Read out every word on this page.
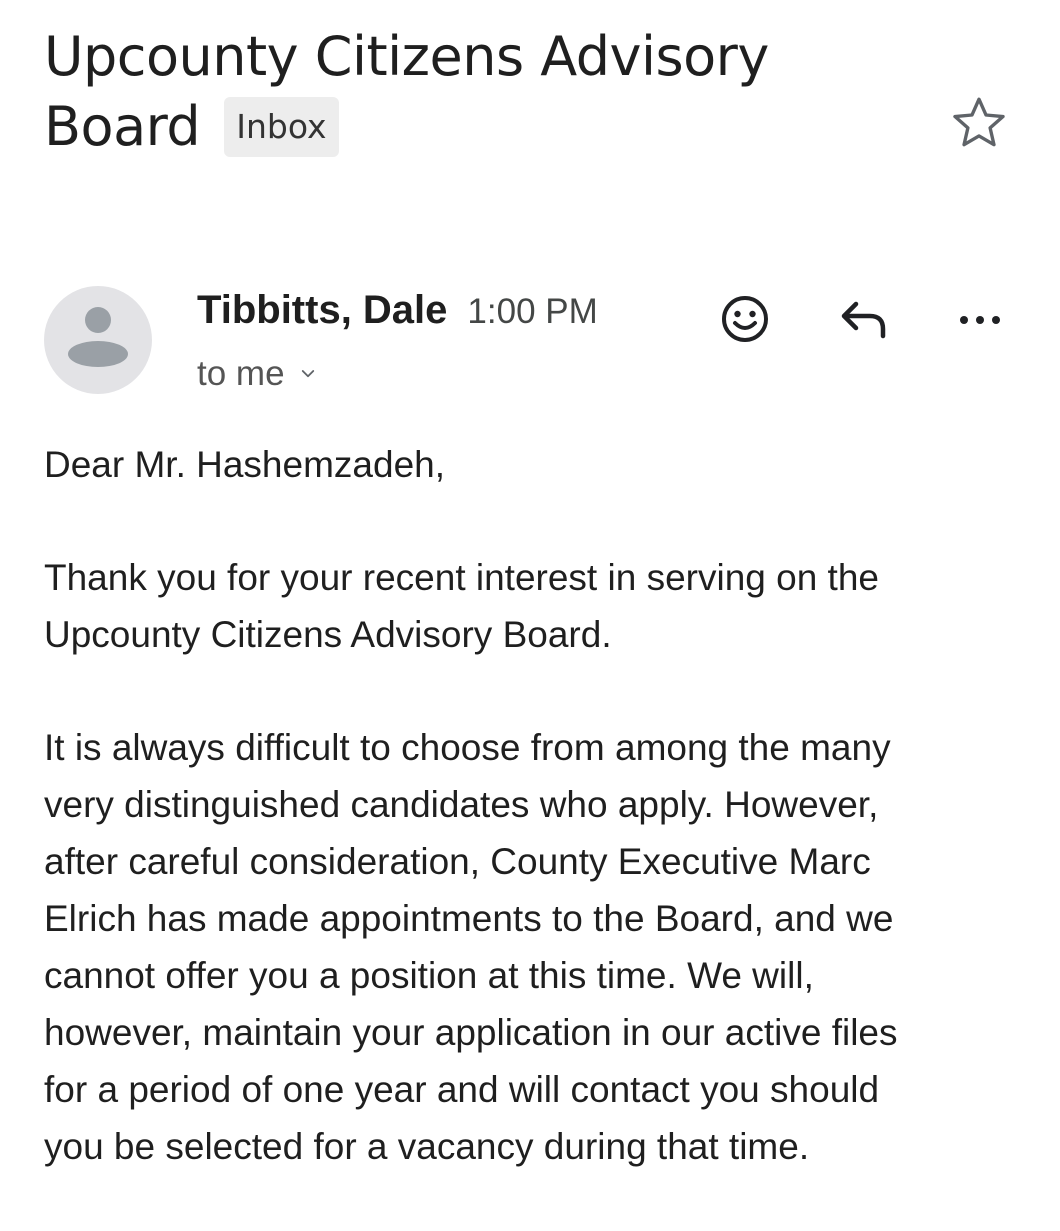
Upcounty Citizens Advisory
Board	Inbox
Tibbitts, Dale 1:00 PM
to me

Dear Mr. Hashemzadeh,

Thank you for your recent interest in serving on the
Upcounty Citizens Advisory Board.

It is always difficult to choose from among the many
very distinguished candidates who apply. However,
after careful consideration, County Executive Marc
Elrich has made appointments to the Board, and we
cannot offer you a position at this time. We will,
however, maintain your application in our active files
for a period of one year and will contact you should
you be selected for a vacancy during that time.
